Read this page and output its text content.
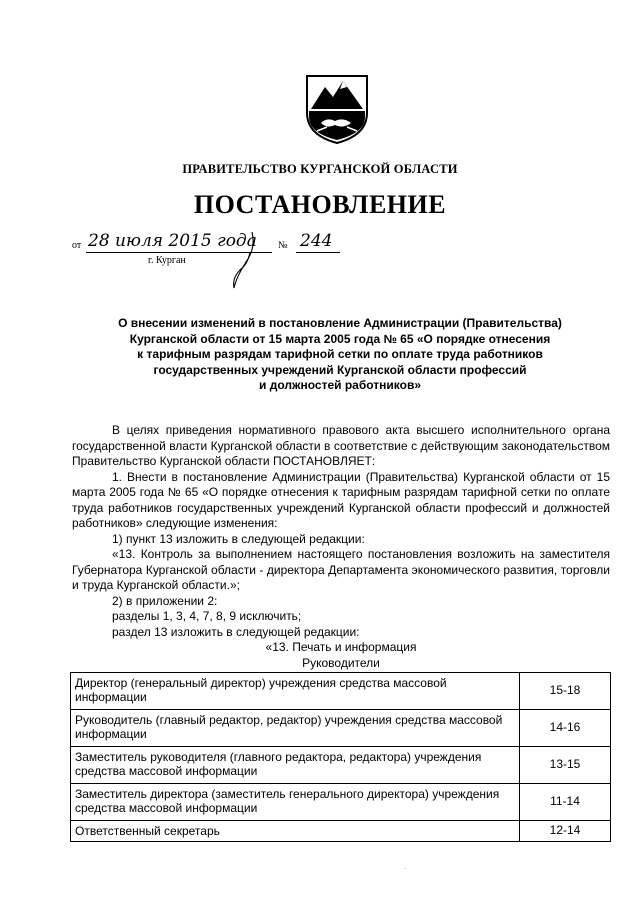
ПРАВИТЕЛЬСТВО КУРГАНСКОЙ ОБЛАСТИ
ПОСТАНОВЛЕНИЕ
от 28 июля 2015 года № 244
г. Курган
О внесении изменений в постановление Администрации (Правительства)
Курганской области от 15 марта 2005 года № 65 «О порядке отнесения
к тарифным разрядам тарифной сетки по оплате труда работников
государственных учреждений Курганской области профессий
и должностей работников»

В целях приведения нормативного правового акта высшего исполнительного органа государственной власти Курганской области в соответствие с действующим законодательством Правительство Курганской области ПОСТАНОВЛЯЕТ:

1. Внести в постановление Администрации (Правительства) Курганской области от 15 марта 2005 года № 65 «О порядке отнесения к тарифным разрядам тарифной сетки по оплате труда работников государственных учреждений Курганской области профессий и должностей работников» следующие изменения:

1) пункт 13 изложить в следующей редакции:

«13. Контроль за выполнением настоящего постановления возложить на заместителя Губернатора Курганской области - директора Департамента экономического развития, торговли и труда Курганской области.»;

2) в приложении 2:

разделы 1, 3, 4, 7, 8, 9 исключить;

раздел 13 изложить в следующей редакции:

«13. Печать и информация

Руководители

Директор (генеральный директор) учреждения средства массовой информации	15-18
Руководитель (главный редактор, редактор) учреждения средства массовой информации	14-16
Заместитель руководителя (главного редактора, редактора) учреждения средства массовой информации	13-15
Заместитель директора (заместитель генерального директора) учреждения средства массовой информации	11-14
Ответственный секретарь	12-14
·
